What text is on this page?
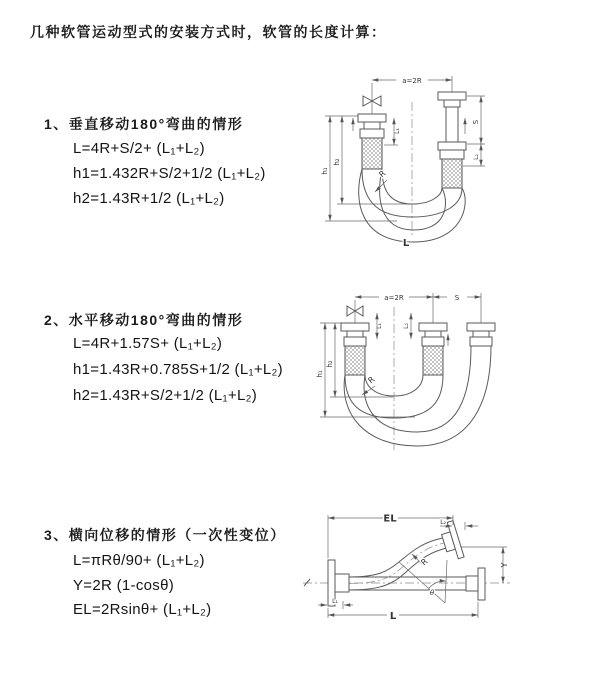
几种软管运动型式的安装方式时，软管的长度计算：
1、垂直移动180°弯曲的情形
L=4R+S/2+ (L₁+L₂)
h1=1.432R+S/2+1/2 (L₁+L₂)
h2=1.43R+1/2 (L₁+L₂)
2、水平移动180°弯曲的情形
L=4R+1.57S+ (L₁+L₂)
h1=1.43R+0.785S+1/2 (L₁+L₂)
h2=1.43R+S/2+1/2 (L₁+L₂)
3、横向位移的情形（一次性变位）
L=πRθ/90+ (L₁+L₂)
Y=2R (1-cosθ)
EL=2Rsinθ+ (L₁+L₂)
a=2R
S
L₂
L₁
h₁
h₂
R
L
a=2R	S
L₁	L₂
h₁
h₂
R
EL	L₂
Y
L
L₁
θ
R
